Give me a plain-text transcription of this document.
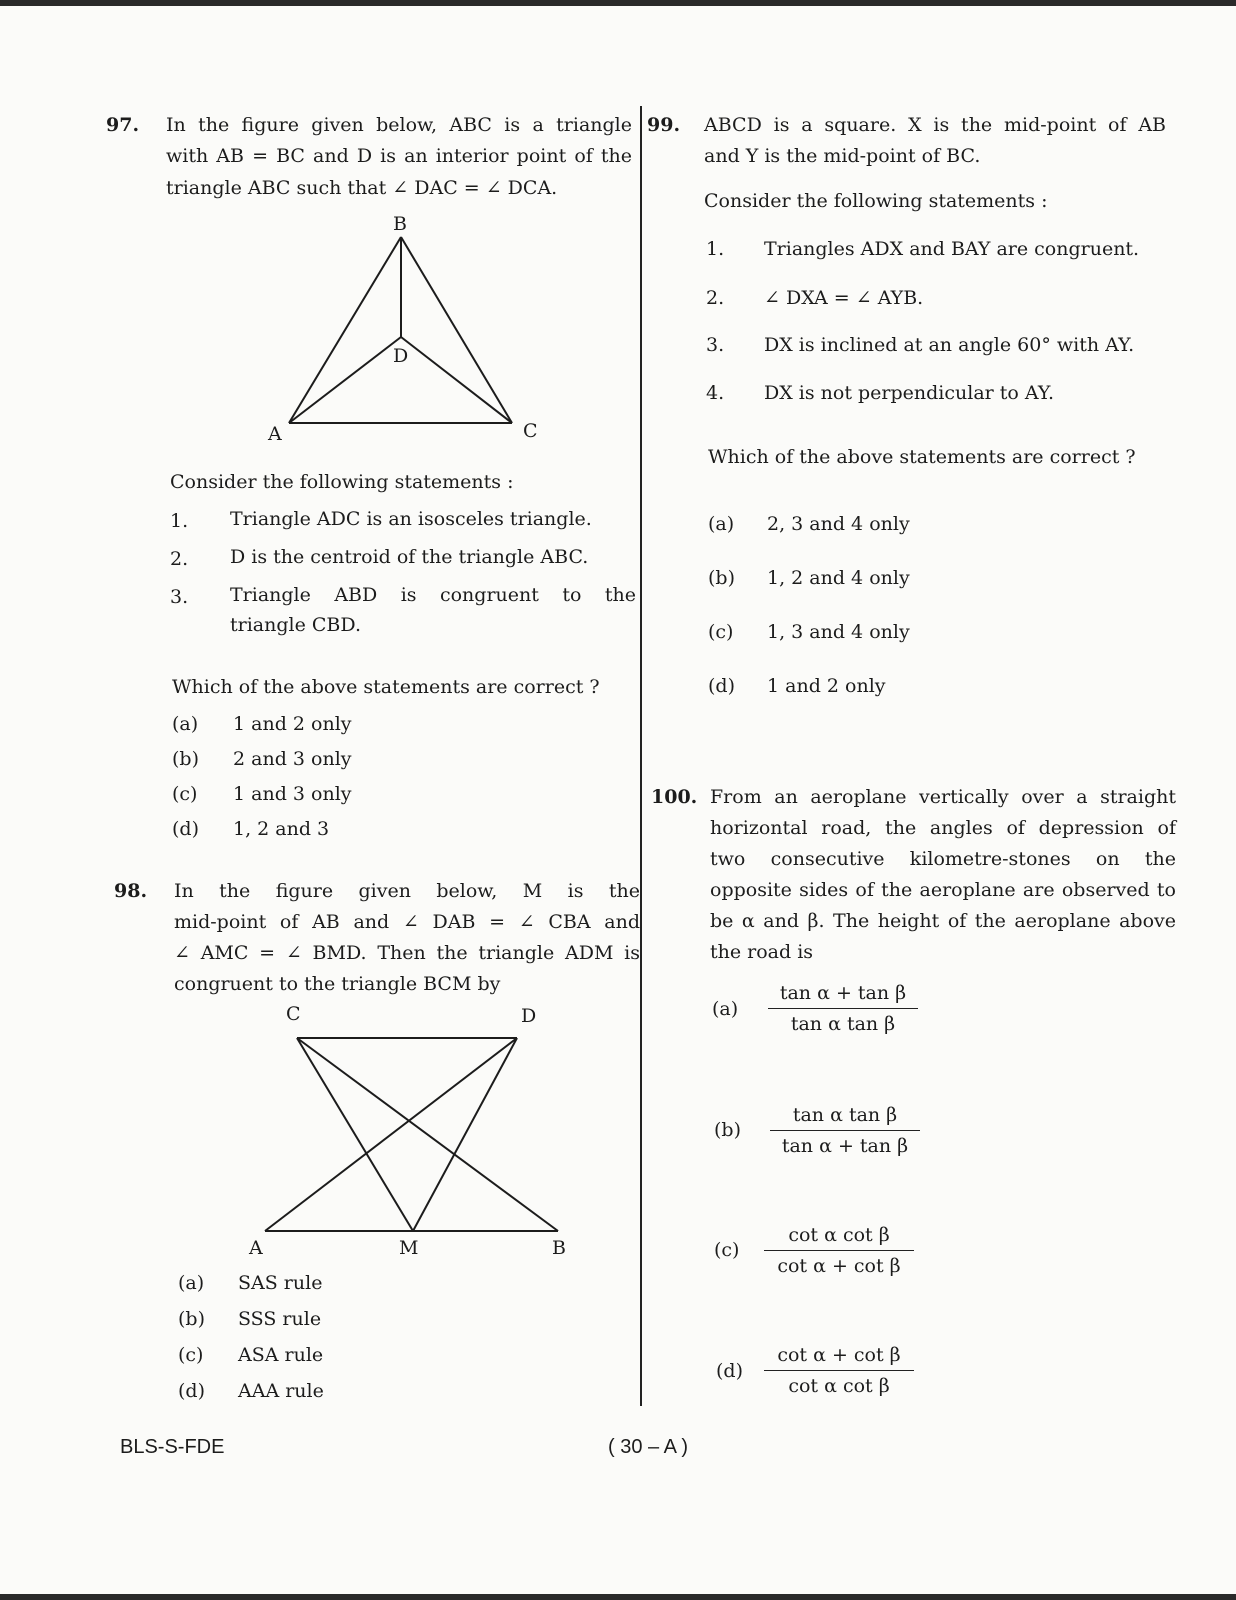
97. In the figure given below, ABC is a triangle
with AB = BC and D is an interior point of the
triangle ABC such that ∠ DAC = ∠ DCA.
B
D
A	C
Consider the following statements :
1. Triangle ADC is an isosceles triangle.
2. D is the centroid of the triangle ABC.
3. Triangle ABD is congruent to the
triangle CBD.
Which of the above statements are correct ?
(a) 1 and 2 only
(b) 2 and 3 only
(c) 1 and 3 only
(d) 1, 2 and 3
98. In the figure given below, M is the
mid-point of AB and ∠ DAB = ∠ CBA and
∠ AMC = ∠ BMD. Then the triangle ADM is
congruent to the triangle BCM by
C	D
A	M	B
(a) SAS rule
(b) SSS rule
(c) ASA rule
(d) AAA rule
99. ABCD is a square. X is the mid-point of AB
and Y is the mid-point of BC.
Consider the following statements :
1. Triangles ADX and BAY are congruent.
2. ∠ DXA = ∠ AYB.
3. DX is inclined at an angle 60° with AY.
4. DX is not perpendicular to AY.
Which of the above statements are correct ?
(a) 2, 3 and 4 only
(b) 1, 2 and 4 only
(c) 1, 3 and 4 only
(d) 1 and 2 only
100. From an aeroplane vertically over a straight
horizontal road, the angles of depression of
two consecutive kilometre-stones on the
opposite sides of the aeroplane are observed to
be α and β. The height of the aeroplane above
the road is
$(a) \frac{\text{tan α + tan β}}{\text{tan α tan β}}$
$(b) \frac{\text{tan α tan β}}{\text{tan α + tan β}}$
$(c) \frac{\text{cot α cot β}}{\text{cot α + cot β}}$
$(d) \frac{\text{cot α + cot β}}{\text{cot α cot β}}$
BLS-S-FDE	( 30 – A )
